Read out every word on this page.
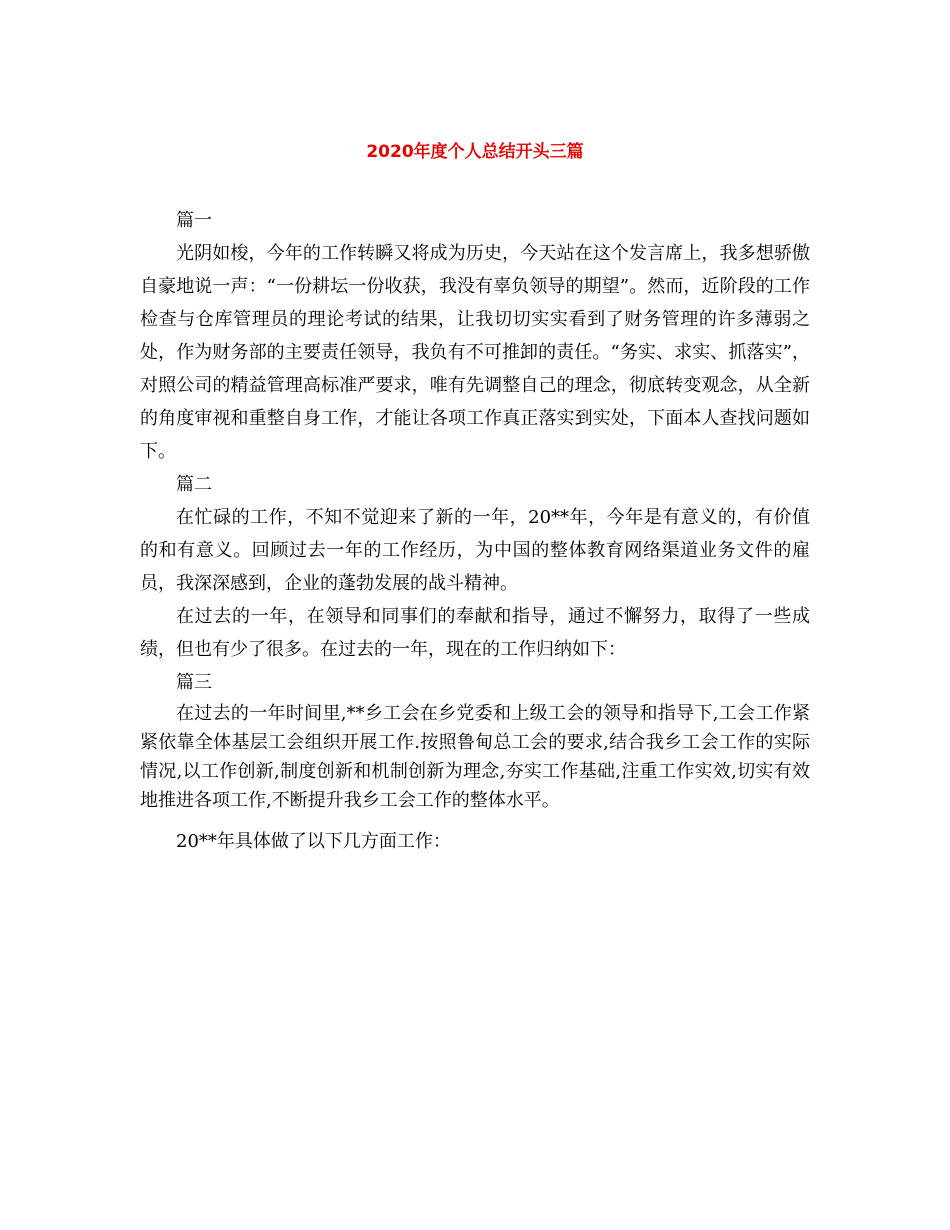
2020年度个人总结开头三篇

篇一

光阴如梭，今年的工作转瞬又将成为历史，今天站在这个发言席上，我多想骄傲自豪地说一声：“一份耕坛一份收获，我没有辜负领导的期望”。然而，近阶段的工作检查与仓库管理员的理论考试的结果，让我切切实实看到了财务管理的许多薄弱之处，作为财务部的主要责任领导，我负有不可推卸的责任。“务实、求实、抓落实”，对照公司的精益管理高标准严要求，唯有先调整自己的理念，彻底转变观念，从全新的角度审视和重整自身工作，才能让各项工作真正落实到实处，下面本人查找问题如下。

篇二

在忙碌的工作，不知不觉迎来了新的一年，20**年，今年是有意义的，有价值的和有意义。回顾过去一年的工作经历，为中国的整体教育网络渠道业务文件的雇员，我深深感到，企业的蓬勃发展的战斗精神。

在过去的一年，在领导和同事们的奉献和指导，通过不懈努力，取得了一些成绩，但也有少了很多。在过去的一年，现在的工作归纳如下：

篇三

在过去的一年时间里,**乡工会在乡党委和上级工会的领导和指导下,工会工作紧紧依靠全体基层工会组织开展工作.按照鲁甸总工会的要求,结合我乡工会工作的实际情况,以工作创新,制度创新和机制创新为理念,夯实工作基础,注重工作实效,切实有效地推进各项工作,不断提升我乡工会工作的整体水平。

20**年具体做了以下几方面工作：
